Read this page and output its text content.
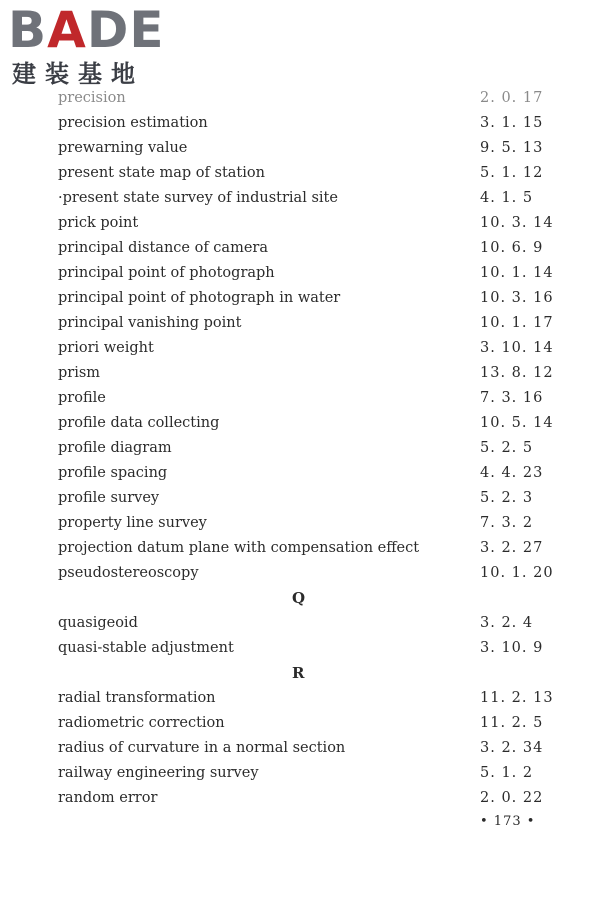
BADE
建装基地
precision	2. 0. 17
precision estimation	3. 1. 15
prewarning value	9. 5. 13
present state map of station	5. 1. 12
·present state survey of industrial site	4. 1. 5
prick point	10. 3. 14
principal distance of camera	10. 6. 9
principal point of photograph	10. 1. 14
principal point of photograph in water	10. 3. 16
principal vanishing point	10. 1. 17
priori weight	3. 10. 14
prism	13. 8. 12
profile	7. 3. 16
profile data collecting	10. 5. 14
profile diagram	5. 2. 5
profile spacing	4. 4. 23
profile survey	5. 2. 3
property line survey	7. 3. 2
projection datum plane with compensation effect	3. 2. 27
pseudostereoscopy	10. 1. 20
Q
quasigeoid	3. 2. 4
quasi-stable adjustment	3. 10. 9
R
radial transformation	11. 2. 13
radiometric correction	11. 2. 5
radius of curvature in a normal section	3. 2. 34
railway engineering survey	5. 1. 2
random error	2. 0. 22
• 173 •
